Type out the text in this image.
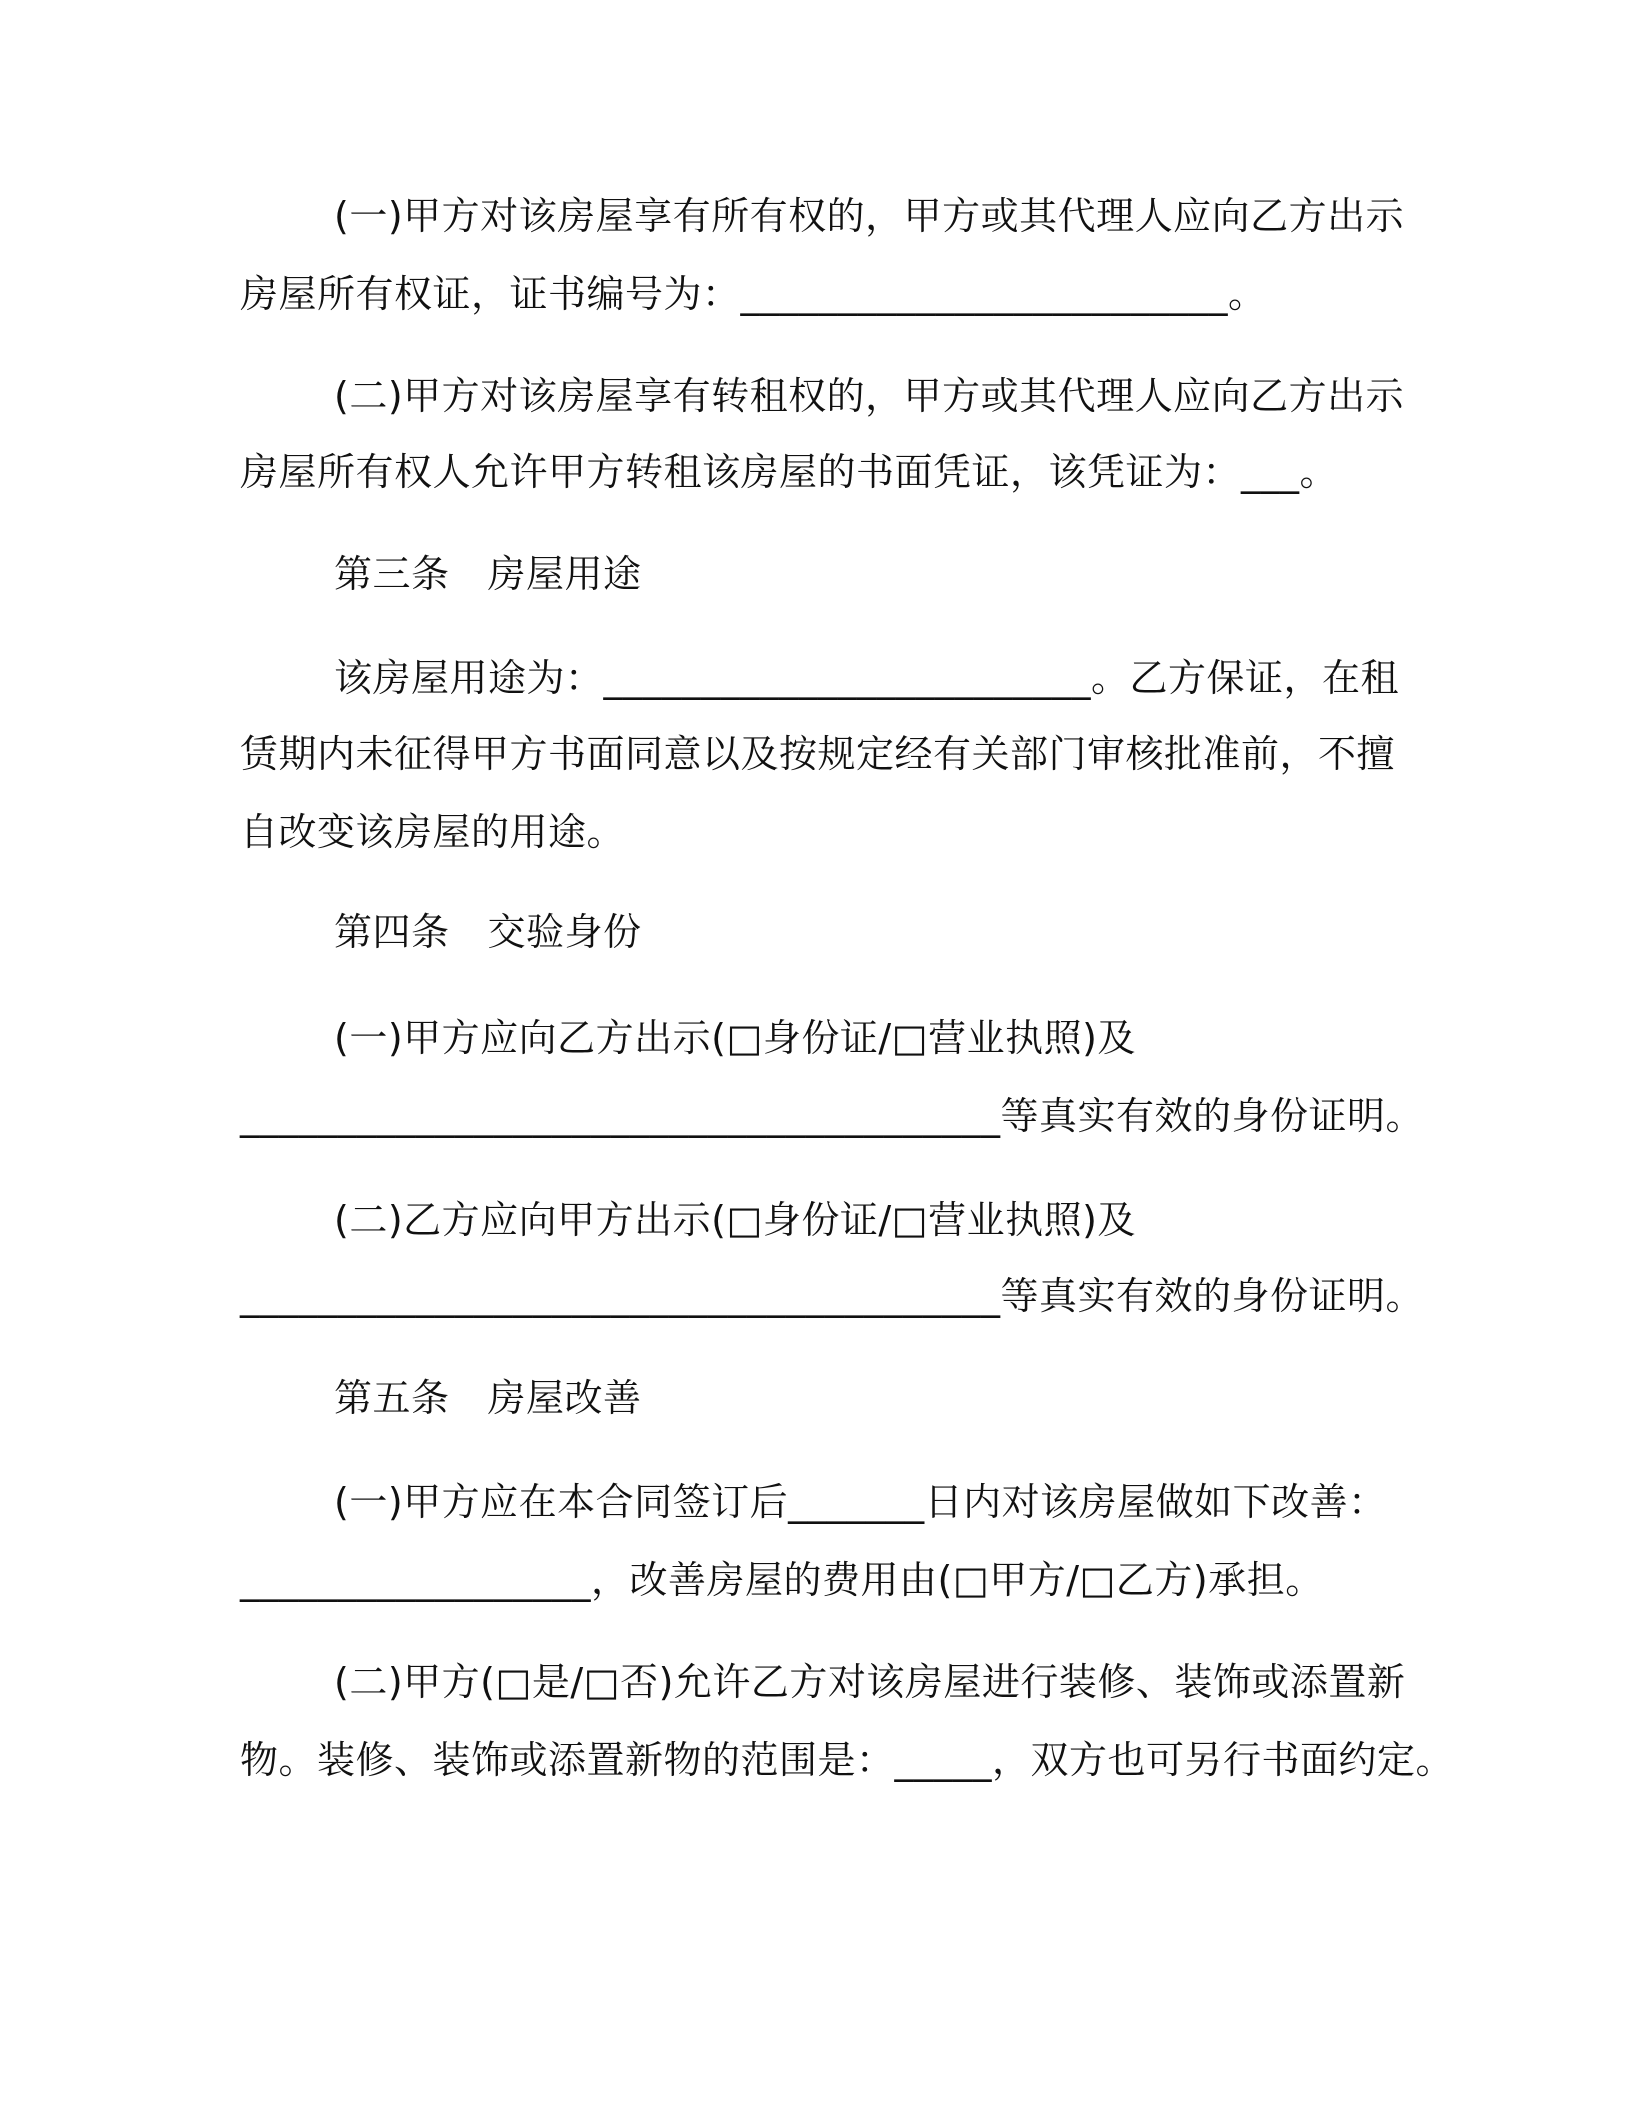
(一)甲方对该房屋享有所有权的，甲方或其代理人应向乙方出示
房屋所有权证，证书编号为：_________________________。
(二)甲方对该房屋享有转租权的，甲方或其代理人应向乙方出示
房屋所有权人允许甲方转租该房屋的书面凭证，该凭证为：___。
第三条 房屋用途
该房屋用途为：_________________________。乙方保证，在租
赁期内未征得甲方书面同意以及按规定经有关部门审核批准前，不擅
自改变该房屋的用途。
第四条 交验身份
(一)甲方应向乙方出示(□身份证/□营业执照)及
_______________________________________等真实有效的身份证明。
(二)乙方应向甲方出示(□身份证/□营业执照)及
_______________________________________等真实有效的身份证明。
第五条 房屋改善
(一)甲方应在本合同签订后_______日内对该房屋做如下改善：
__________________，改善房屋的费用由(□甲方/□乙方)承担。
(二)甲方(□是/□否)允许乙方对该房屋进行装修、装饰或添置新
物。装修、装饰或添置新物的范围是：_____，双方也可另行书面约定。
